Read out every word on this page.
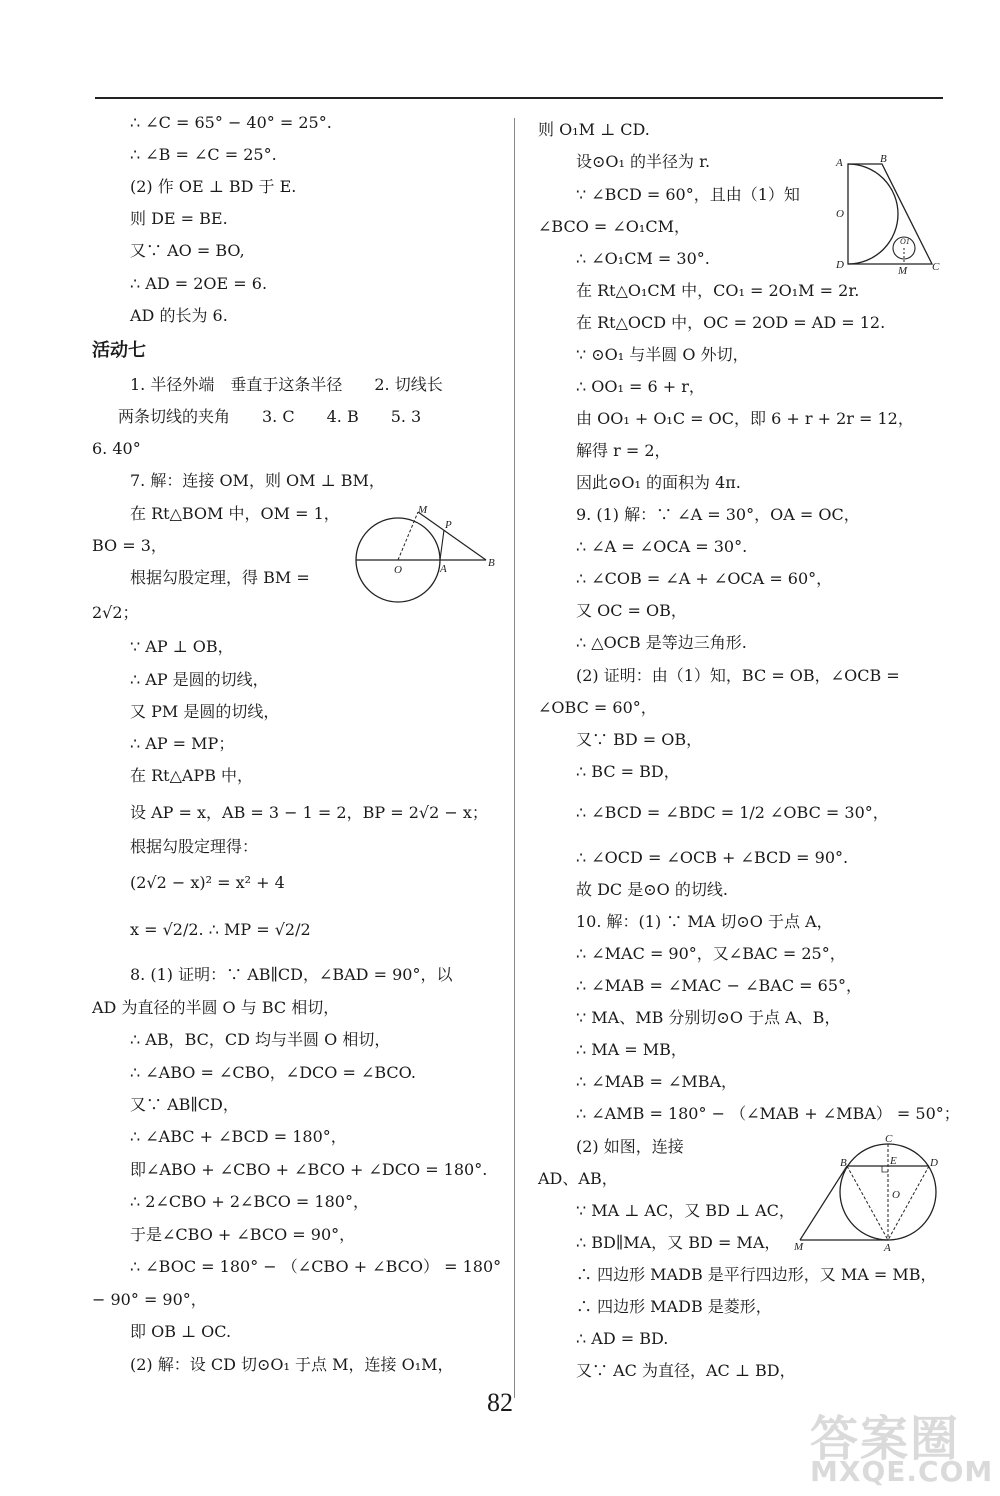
∴ ∠C = 65° − 40° = 25°.
∴ ∠B = ∠C = 25°.
(2) 作 OE ⊥ BD 于 E.
则 DE = BE.
又∵ AO = BO,
∴ AD = 2OE = 6.
AD 的长为 6.
活动七
1. 半径外端　垂直于这条半径　　2. 切线长
两条切线的夹角　　3. C　　4. B　　5. 3
6. 40°
7. 解：连接 OM，则 OM ⊥ BM，
在 Rt△BOM 中，OM = 1，
BO = 3，
根据勾股定理，得 BM =
2√2；
∵ AP ⊥ OB，
∴ AP 是圆的切线，
又 PM 是圆的切线，
∴ AP = MP；
在 Rt△APB 中，
设 AP = x，AB = 3 − 1 = 2，BP = 2√2 − x；
根据勾股定理得：
(2√2 − x)² = x² + 4
x = √2/2. ∴ MP = √2/2
8. (1) 证明：∵ AB∥CD，∠BAD = 90°，以
AD 为直径的半圆 O 与 BC 相切，
∴ AB，BC，CD 均与半圆 O 相切，
∴ ∠ABO = ∠CBO，∠DCO = ∠BCO.
又∵ AB∥CD，
∴ ∠ABC + ∠BCD = 180°，
即∠ABO + ∠CBO + ∠BCO + ∠DCO = 180°.
∴ 2∠CBO + 2∠BCO = 180°，
于是∠CBO + ∠BCO = 90°，
∴ ∠BOC = 180° − （∠CBO + ∠BCO） = 180°
− 90° = 90°，
即 OB ⊥ OC.
(2) 解：设 CD 切⊙O₁ 于点 M，连接 O₁M，
则 O₁M ⊥ CD.
设⊙O₁ 的半径为 r.
∵ ∠BCD = 60°，且由（1）知
∠BCO = ∠O₁CM，
∴ ∠O₁CM = 30°.
在 Rt△O₁CM 中，CO₁ = 2O₁M = 2r.
在 Rt△OCD 中，OC = 2OD = AD = 12.
∵ ⊙O₁ 与半圆 O 外切，
∴ OO₁ = 6 + r，
由 OO₁ + O₁C = OC，即 6 + r + 2r = 12，
解得 r = 2，
因此⊙O₁ 的面积为 4π.
9. (1) 解：∵ ∠A = 30°，OA = OC，
∴ ∠A = ∠OCA = 30°.
∴ ∠COB = ∠A + ∠OCA = 60°，
又 OC = OB，
∴ △OCB 是等边三角形.
(2) 证明：由（1）知，BC = OB，∠OCB =
∠OBC = 60°，
又∵ BD = OB，
∴ BC = BD，
∴ ∠BCD = ∠BDC = 1/2 ∠OBC = 30°，
∴ ∠OCD = ∠OCB + ∠BCD = 90°.
故 DC 是⊙O 的切线.
10. 解：(1) ∵ MA 切⊙O 于点 A，
∴ ∠MAC = 90°，又∠BAC = 25°，
∴ ∠MAB = ∠MAC − ∠BAC = 65°，
∵ MA、MB 分别切⊙O 于点 A、B，
∴ MA = MB，
∴ ∠MAB = ∠MBA，
∴ ∠AMB = 180° − （∠MAB + ∠MBA） = 50°；
(2) 如图，连接
AD、AB，
∵ MA ⊥ AC，又 BD ⊥ AC，
∴ BD∥MA，又 BD = MA，
∴ 四边形 MADB 是平行四边形，又 MA = MB，
∴ 四边形 MADB 是菱形，
∴ AD = BD.
又∵ AC 为直径，AC ⊥ BD，
M
P
O	A	B
A	B
O
O1
D	M C
C
B	E	D
O
M	A
82
答案圈
MXQE.COM
